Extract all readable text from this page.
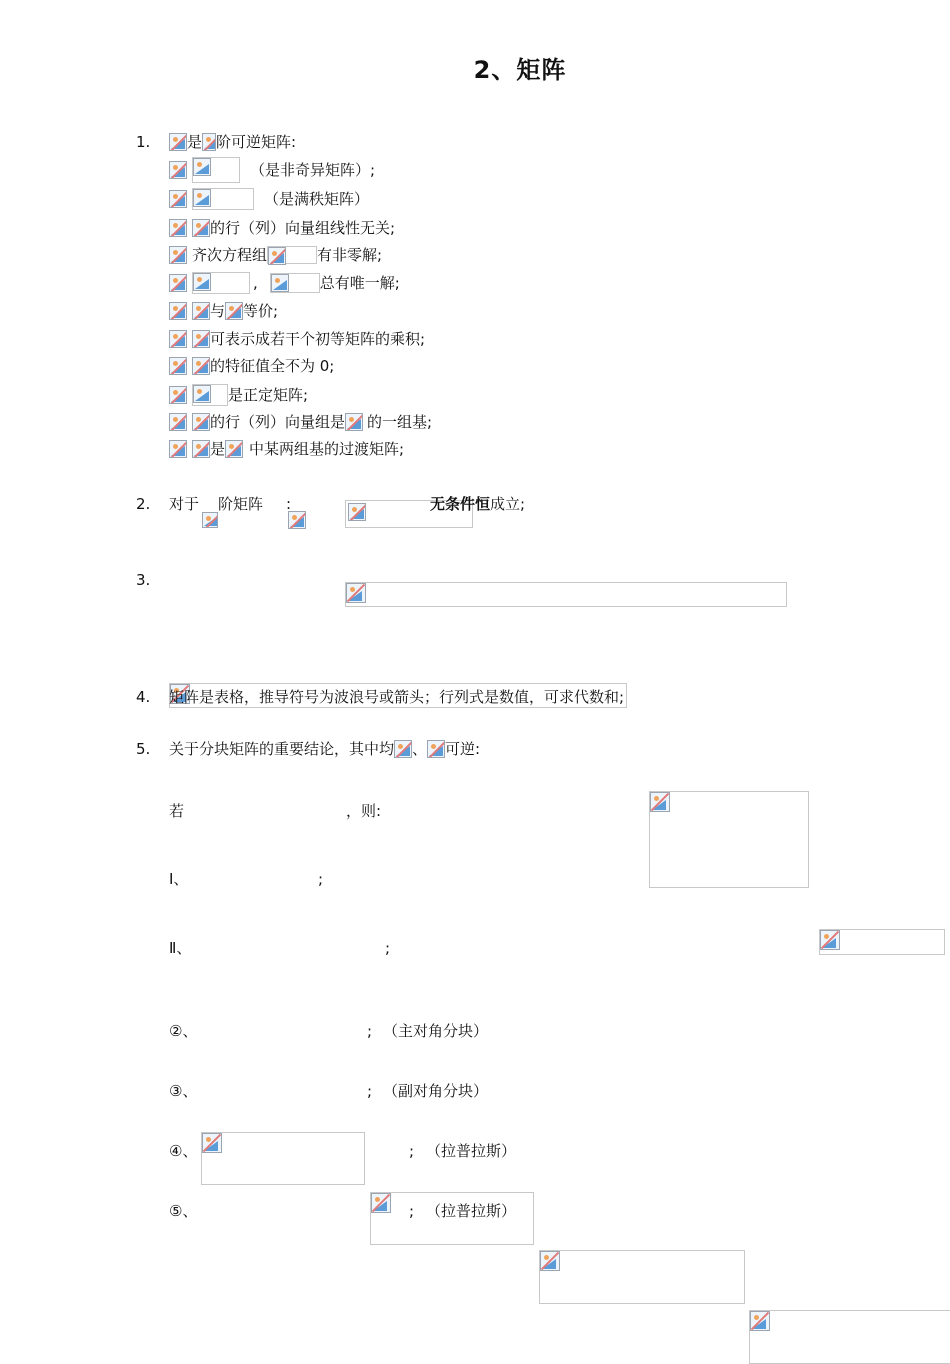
2、矩阵
1. 是 阶可逆矩阵:
（是非奇异矩阵）;
（是满秩矩阵）
的行（列）向量组线性无关;
齐次方程组	有非零解;
,	总有唯一解;
与 等价;
可表示成若干个初等矩阵的乘积;
的特征值全不为 0;
是正定矩阵;
的行（列）向量组是 的一组基;
是 中某两组基的过渡矩阵;
2. 对于
阶矩阵
:
	无条件恒成立;
3.

4. 矩阵是表格，推导符号为波浪号或箭头；行列式是数值，可求代数和;
5. 关于分块矩阵的重要结论，其中均 、 可逆:
若
	，则:
Ⅰ、
	;
Ⅱ、
	;
②、
	; （主对角分块）
③、
	; （副对角分块）
④、
	; （拉普拉斯）
⑤、	; （拉普拉斯）
